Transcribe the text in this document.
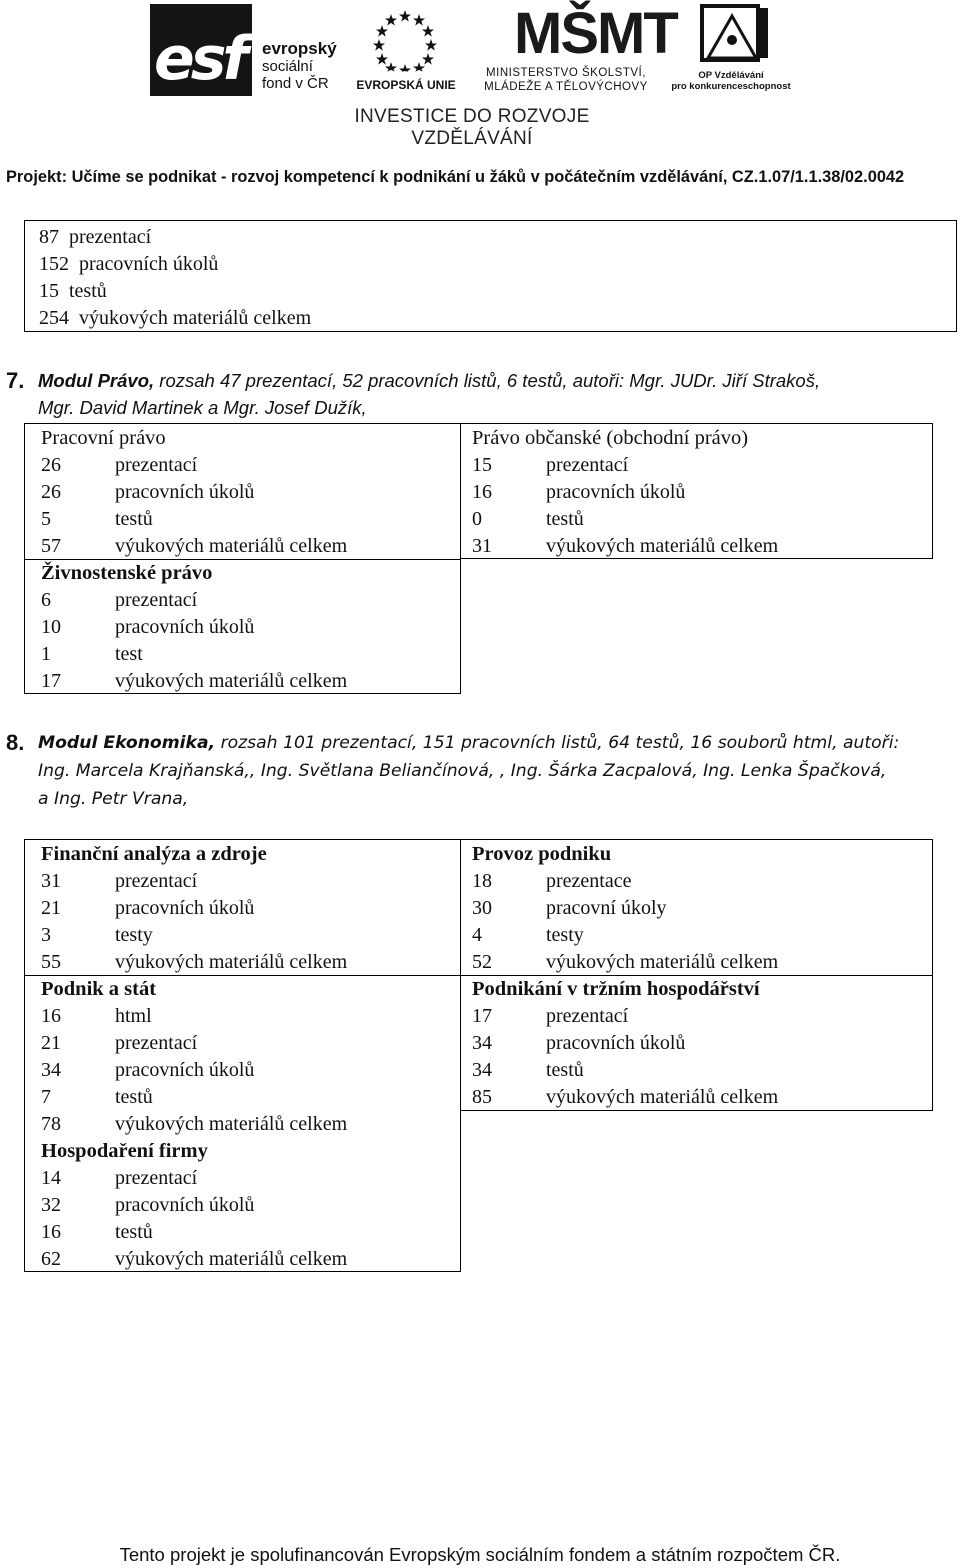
esf evropský
sociální
fond v ČR	EVROPSKÁ UNIE
MŠMT
MINISTERSTVO ŠKOLSTVÍ,
MLÁDEŽE A TĚLOVÝCHOVY
OP Vzdělávání
pro konkurenceschopnost
INVESTICE DO ROZVOJE VZDĚLÁVÁNÍ
Projekt: Učíme se podnikat - rozvoj kompetencí k podnikání u žáků v počátečním vzdělávání, CZ.1.07/1.1.38/02.0042
87 prezentací
152 pracovních úkolů
15 testů
254 výukových materiálů celkem
7. Modul Právo, rozsah 47 prezentací, 52 pracovních listů, 6 testů, autoři: Mgr. JUDr. Jiří Strakoš,
Mgr. David Martinek a Mgr. Josef Dužík,
Pracovní právo
26	prezentací
26	pracovních úkolů
5	testů
57	výukových materiálů celkem
Živnostenské právo
6	prezentací
10	pracovních úkolů
1	test
17	výukových materiálů celkem
Právo občanské (obchodní právo)
15	prezentací
16	pracovních úkolů
0	testů
31	výukových materiálů celkem
8. Modul Ekonomika, rozsah 101 prezentací, 151 pracovních listů, 64 testů, 16 souborů html, autoři:
Ing. Marcela Krajňanská,, Ing. Světlana Beliančínová, , Ing. Šárka Zacpalová, Ing. Lenka Špačková,
a Ing. Petr Vrana,
Finanční analýza a zdroje
31	prezentací
21	pracovních úkolů
3	testy
55	výukových materiálů celkem
Podnik a stát
16	html
21	prezentací
34	pracovních úkolů
7	testů
78	výukových materiálů celkem
Hospodaření firmy
14	prezentací
32	pracovních úkolů
16	testů
62	výukových materiálů celkem
Provoz podniku
18	prezentace
30	pracovní úkoly
4	testy
52	výukových materiálů celkem
Podnikání v tržním hospodářství
17	prezentací
34	pracovních úkolů
34	testů
85	výukových materiálů celkem
Tento projekt je spolufinancován Evropským sociálním fondem a státním rozpočtem ČR.
